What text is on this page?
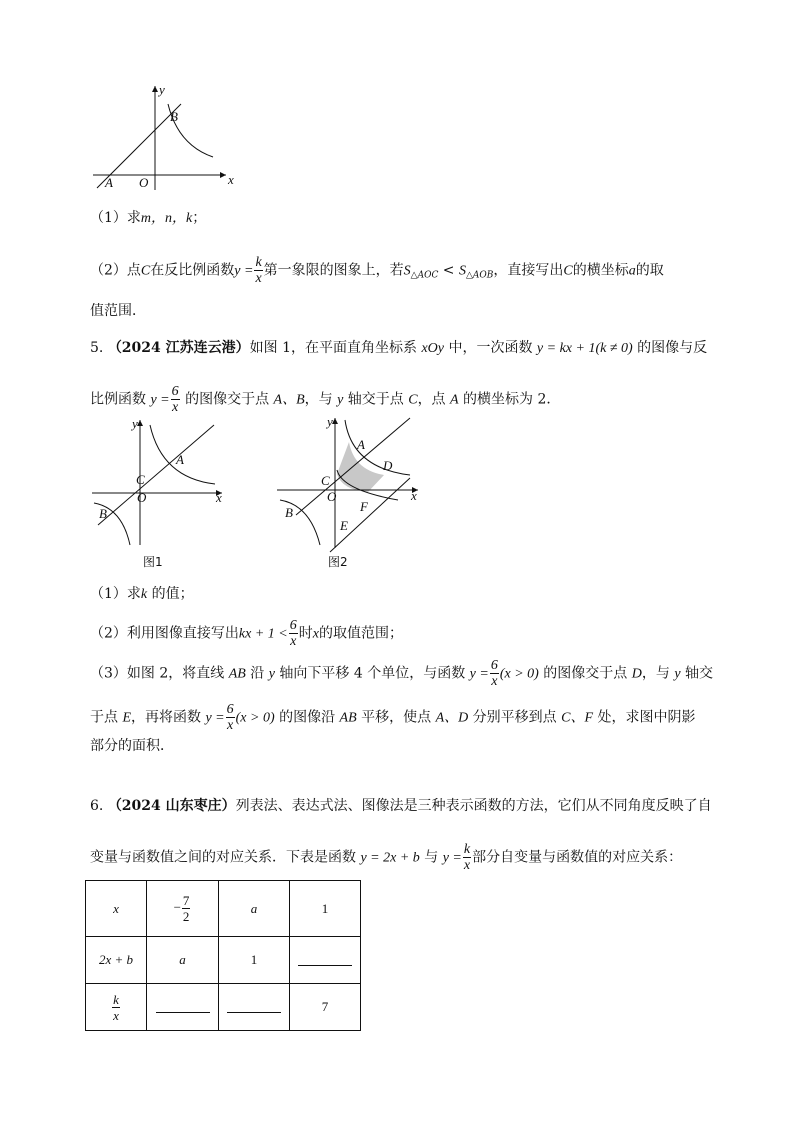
y
x
A O
B
y
x
A
C
O
B
y
x
A
D
C
O
F
E
B
图1	图2
（1）求m，n，k；
（2）点C在反比例函数$y = \frac{k}{x}$ 第一象限的图象上，若$S_{\triangle AOC} < S_{\triangle AOB}$，直接写出C的横坐标a的取
值范围．
5. （2024 江苏连云港）如图 1，在平面直角坐标系 xOy 中，一次函数 y = kx + 1(k ≠ 0) 的图像与反
比例函数 $y = \frac{6}{x}$ 的图像交于点 A、B，与 y 轴交于点 C，点 A 的横坐标为 2．
（1）求k 的值；
（2）利用图像直接写出kx + $1 < \frac{6}{x}$ 时x的取值范围；
（3）如图 2，将直线 AB 沿 y 轴向下平移 4 个单位，与函数 $y = \frac{6}{x} (x > 0)$ 的图像交于点 D，与 y 轴交
于点 E，再将函数 $y = \frac{6}{x} (x > 0)$ 的图像沿 AB 平移，使点 A、D 分别平移到点 C、F 处，求图中阴影
部分的面积．
6. （2024 山东枣庄）列表法、表达式法、图像法是三种表示函数的方法，它们从不同角度反映了自
变量与函数值之间的对应关系．下表是函数 y = 2x + b 与 $y = \frac{k}{x}$ 部分自变量与函数值的对应关系：
x	− $\frac{7}{2}$	a	1
2x + b	a	1	

$\frac{k}{x}$			7
